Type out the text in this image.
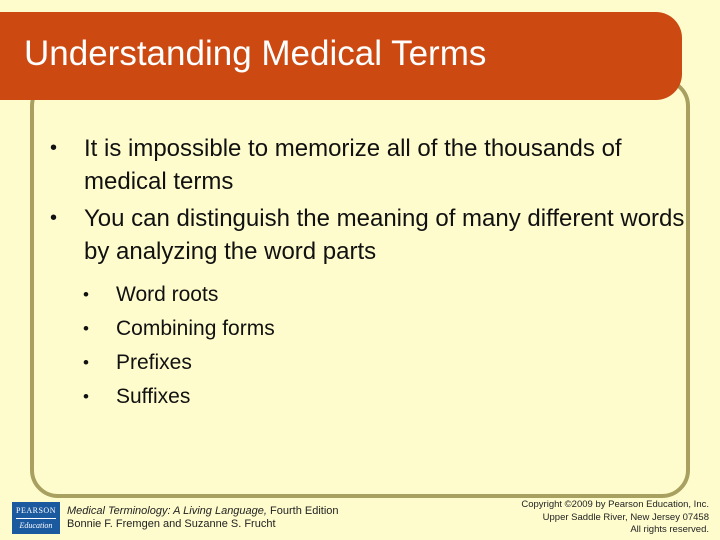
Understanding Medical Terms
•	It is impossible to memorize all of the thousands of medical terms
•	You can distinguish the meaning of many different words by analyzing the word parts
•	Word roots
•	Combining forms
•	Prefixes
•	Suffixes
PEARSON
Education
Medical Terminology: A Living Language, Fourth Edition
Bonnie F. Fremgen and Suzanne S. Frucht
Copyright ©2009 by Pearson Education, Inc.
Upper Saddle River, New Jersey 07458
All rights reserved.
